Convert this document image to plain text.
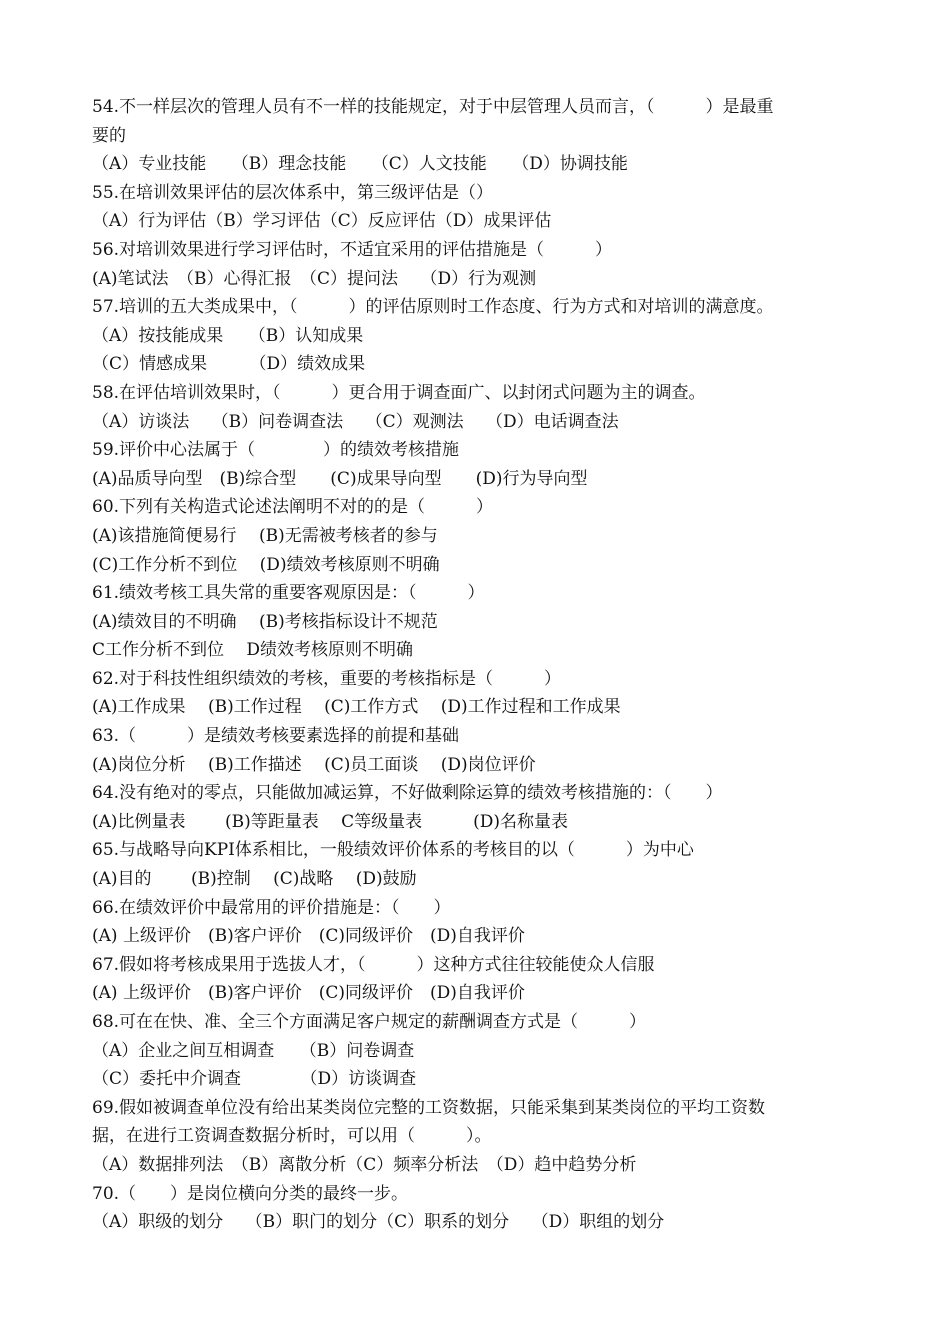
54.不一样层次的管理人员有不一样的技能规定，对于中层管理人员而言，（　　　）是最重
要的
（A）专业技能　　（B）理念技能　　（C）人文技能　　（D）协调技能
55.在培训效果评估的层次体系中，第三级评估是（）
（A）行为评估（B）学习评估（C）反应评估（D）成果评估
56.对培训效果进行学习评估时，不适宜采用的评估措施是（　　　）
(A)笔试法　（B）心得汇报　（C）提问法　 （D）行为观测
57.培训的五大类成果中，（　　　）的评估原则时工作态度、行为方式和对培训的满意度。
（A）按技能成果　　（B）认知成果
（C）情感成果　　　（D）绩效成果
58.在评估培训效果时，（　　　）更合用于调查面广、以封闭式问题为主的调查。
（A）访谈法　 （B）问卷调查法　 （C）观测法　 （D）电话调查法
59.评价中心法属于（　　　　）的绩效考核措施
(A)品质导向型　(B)综合型　　(C)成果导向型　　(D)行为导向型
60.下列有关构造式论述法阐明不对的的是（　　　）
(A)该措施简便易行　 (B)无需被考核者的参与
(C)工作分析不到位　 (D)绩效考核原则不明确
61.绩效考核工具失常的重要客观原因是：（　　　）
(A)绩效目的不明确　 (B)考核指标设计不规范
C工作分析不到位　 D绩效考核原则不明确
62.对于科技性组织绩效的考核，重要的考核指标是（　　　）
(A)工作成果　 (B)工作过程　 (C)工作方式　 (D)工作过程和工作成果
63.（　　　）是绩效考核要素选择的前提和基础
(A)岗位分析　 (B)工作描述　 (C)员工面谈　 (D)岗位评价
64.没有绝对的零点，只能做加减运算，不好做剩除运算的绩效考核措施的：（　　）
(A)比例量表　　 (B)等距量表　 C等级量表　　　(D)名称量表
65.与战略导向KPI体系相比，一般绩效评价体系的考核目的以（　　　）为中心
(A)目的　　 (B)控制　 (C)战略　 (D)鼓励
66.在绩效评价中最常用的评价措施是：（　　）
(A) 上级评价　(B)客户评价　(C)同级评价　(D)自我评价
67.假如将考核成果用于选拔人才，（　　　）这种方式往往较能使众人信服
(A) 上级评价　(B)客户评价　(C)同级评价　(D)自我评价
68.可在在快、准、全三个方面满足客户规定的薪酬调查方式是（　　　）
（A）企业之间互相调查　　（B）问卷调查
（C）委托中介调查　　　　（D）访谈调查
69.假如被调查单位没有给出某类岗位完整的工资数据，只能采集到某类岗位的平均工资数
据，在进行工资调查数据分析时，可以用（　　　）。
（A）数据排列法　（B）离散分析（C）频率分析法　（D）趋中趋势分析
70.（　　）是岗位横向分类的最终一步。
（A）职级的划分　 （B）职门的划分（C）职系的划分　 （D）职组的划分
